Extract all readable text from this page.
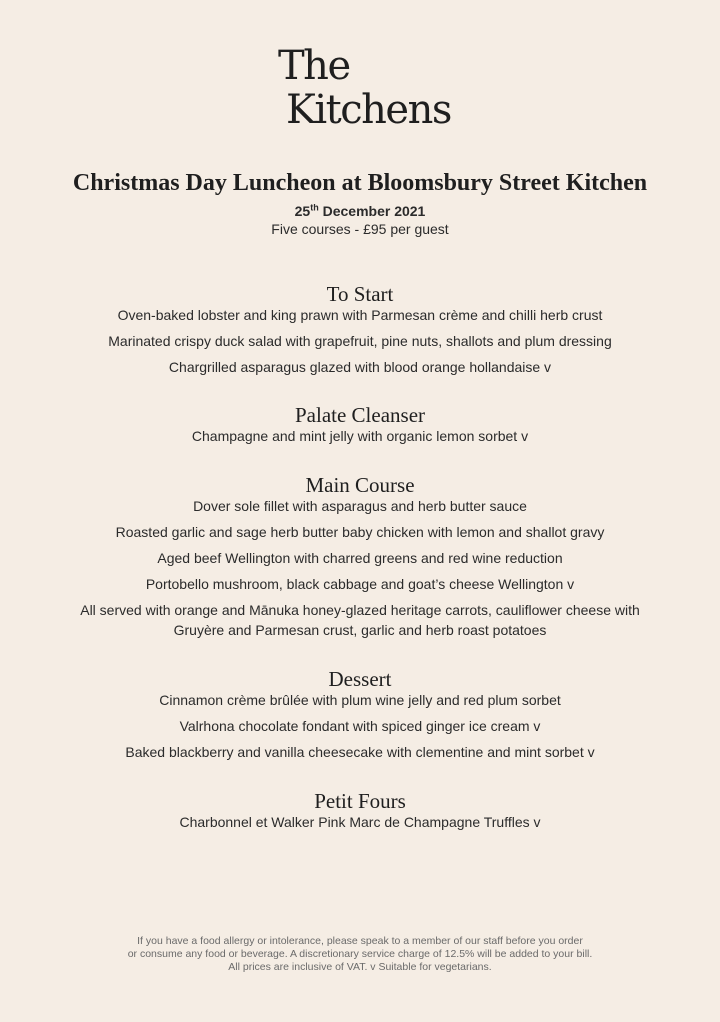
The
Kitchens
Christmas Day Luncheon at Bloomsbury Street Kitchen
25th December 2021
Five courses - £95 per guest
To Start
Oven-baked lobster and king prawn with Parmesan crème and chilli herb crust
Marinated crispy duck salad with grapefruit, pine nuts, shallots and plum dressing
Chargrilled asparagus glazed with blood orange hollandaise v
Palate Cleanser
Champagne and mint jelly with organic lemon sorbet v
Main Course
Dover sole fillet with asparagus and herb butter sauce
Roasted garlic and sage herb butter baby chicken with lemon and shallot gravy
Aged beef Wellington with charred greens and red wine reduction
Portobello mushroom, black cabbage and goat’s cheese Wellington v
All served with orange and Mānuka honey-glazed heritage carrots, cauliflower cheese with
Gruyère and Parmesan crust, garlic and herb roast potatoes
Dessert
Cinnamon crème brûlée with plum wine jelly and red plum sorbet
Valrhona chocolate fondant with spiced ginger ice cream v
Baked blackberry and vanilla cheesecake with clementine and mint sorbet v
Petit Fours
Charbonnel et Walker Pink Marc de Champagne Truffles v
If you have a food allergy or intolerance, please speak to a member of our staff before you order
or consume any food or beverage. A discretionary service charge of 12.5% will be added to your bill.
All prices are inclusive of VAT. v Suitable for vegetarians.
